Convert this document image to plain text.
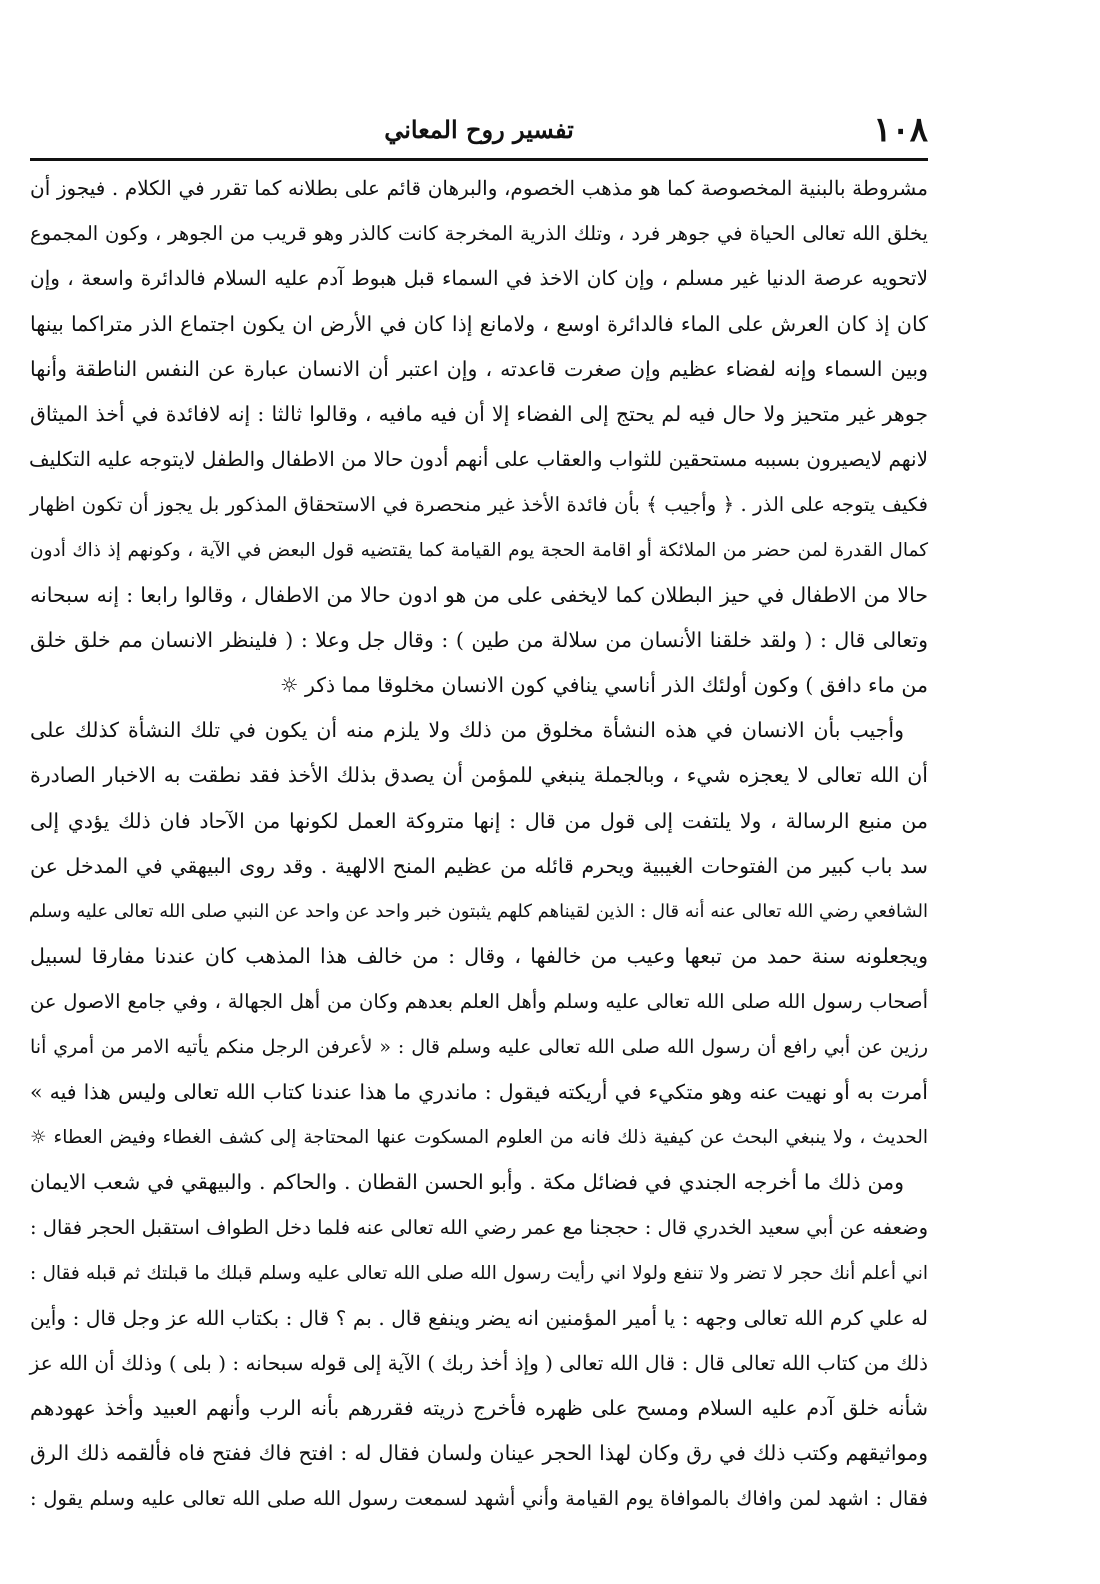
١٠٨
تفسير روح المعاني
مشروطة بالبنية المخصوصة كما هو مذهب الخصوم، والبرهان قائم على بطلانه كما تقرر في الكلام . فيجوز أن
يخلق الله تعالى الحياة في جوهر فرد ، وتلك الذرية المخرجة كانت كالذر وهو قريب من الجوهر ، وكون المجموع
لاتحويه عرصة الدنيا غير مسلم ، وإن كان الاخذ في السماء قبل هبوط آدم عليه السلام فالدائرة واسعة ، وإن
كان إذ كان العرش على الماء فالدائرة اوسع ، ولامانع إذا كان في الأرض ان يكون اجتماع الذر متراكما بينها
وبين السماء وإنه لفضاء عظيم وإن صغرت قاعدته ، وإن اعتبر أن الانسان عبارة عن النفس الناطقة وأنها
جوهر غير متحيز ولا حال فيه لم يحتج إلى الفضاء إلا أن فيه مافيه ، وقالوا ثالثا : إنه لافائدة في أخذ الميثاق
لانهم لايصيرون بسببه مستحقين للثواب والعقاب على أنهم أدون حالا من الاطفال والطفل لايتوجه عليه التكليف
فكيف يتوجه على الذر . ﴿ وأجيب ﴾ بأن فائدة الأخذ غير منحصرة في الاستحقاق المذكور بل يجوز أن تكون اظهار
كمال القدرة لمن حضر من الملائكة أو اقامة الحجة يوم القيامة كما يقتضيه قول البعض في الآية ، وكونهم إذ ذاك أدون
حالا من الاطفال في حيز البطلان كما لايخفى على من هو ادون حالا من الاطفال ، وقالوا رابعا : إنه سبحانه
وتعالى قال : ( ولقد خلقنا الأنسان من سلالة من طين ) : وقال جل وعلا : ( فلينظر الانسان مم خلق خلق
من ماء دافق ) وكون أولئك الذر أناسي ينافي كون الانسان مخلوقا مما ذكر ☼
وأجيب بأن الانسان في هذه النشأة مخلوق من ذلك ولا يلزم منه أن يكون في تلك النشأة كذلك على
أن الله تعالى لا يعجزه شيء ، وبالجملة ينبغي للمؤمن أن يصدق بذلك الأخذ فقد نطقت به الاخبار الصادرة
من منبع الرسالة ، ولا يلتفت إلى قول من قال : إنها متروكة العمل لكونها من الآحاد فان ذلك يؤدي إلى
سد باب كبير من الفتوحات الغيبية ويحرم قائله من عظيم المنح الالهية . وقد روى البيهقي في المدخل عن
الشافعي رضي الله تعالى عنه أنه قال : الذين لقيناهم كلهم يثبتون خبر واحد عن واحد عن النبي صلى الله تعالى عليه وسلم
ويجعلونه سنة حمد من تبعها وعيب من خالفها ، وقال : من خالف هذا المذهب كان عندنا مفارقا لسبيل
أصحاب رسول الله صلى الله تعالى عليه وسلم وأهل العلم بعدهم وكان من أهل الجهالة ، وفي جامع الاصول عن
رزين عن أبي رافع أن رسول الله صلى الله تعالى عليه وسلم قال : « لأعرفن الرجل منكم يأتيه الامر من أمري أنا
أمرت به أو نهيت عنه وهو متكيء في أريكته فيقول : ماندري ما هذا عندنا كتاب الله تعالى وليس هذا فيه »
الحديث ، ولا ينبغي البحث عن كيفية ذلك فانه من العلوم المسكوت عنها المحتاجة إلى كشف الغطاء وفيض العطاء ☼
ومن ذلك ما أخرجه الجندي في فضائل مكة . وأبو الحسن القطان . والحاكم . والبيهقي في شعب الايمان
وضعفه عن أبي سعيد الخدري قال : حججنا مع عمر رضي الله تعالى عنه فلما دخل الطواف استقبل الحجر فقال :
اني أعلم أنك حجر لا تضر ولا تنفع ولولا اني رأيت رسول الله صلى الله تعالى عليه وسلم قبلك ما قبلتك ثم قبله فقال :
له علي كرم الله تعالى وجهه : يا أمير المؤمنين انه يضر وينفع قال . بم ؟ قال : بكتاب الله عز وجل قال : وأين
ذلك من كتاب الله تعالى قال : قال الله تعالى ( وإذ أخذ ربك ) الآية إلى قوله سبحانه : ( بلى ) وذلك أن الله عز
شأنه خلق آدم عليه السلام ومسح على ظهره فأخرج ذريته فقررهم بأنه الرب وأنهم العبيد وأخذ عهودهم
ومواثيقهم وكتب ذلك في رق وكان لهذا الحجر عينان ولسان فقال له : افتح فاك ففتح فاه فألقمه ذلك الرق
فقال : اشهد لمن وافاك بالموافاة يوم القيامة وأني أشهد لسمعت رسول الله صلى الله تعالى عليه وسلم يقول :
